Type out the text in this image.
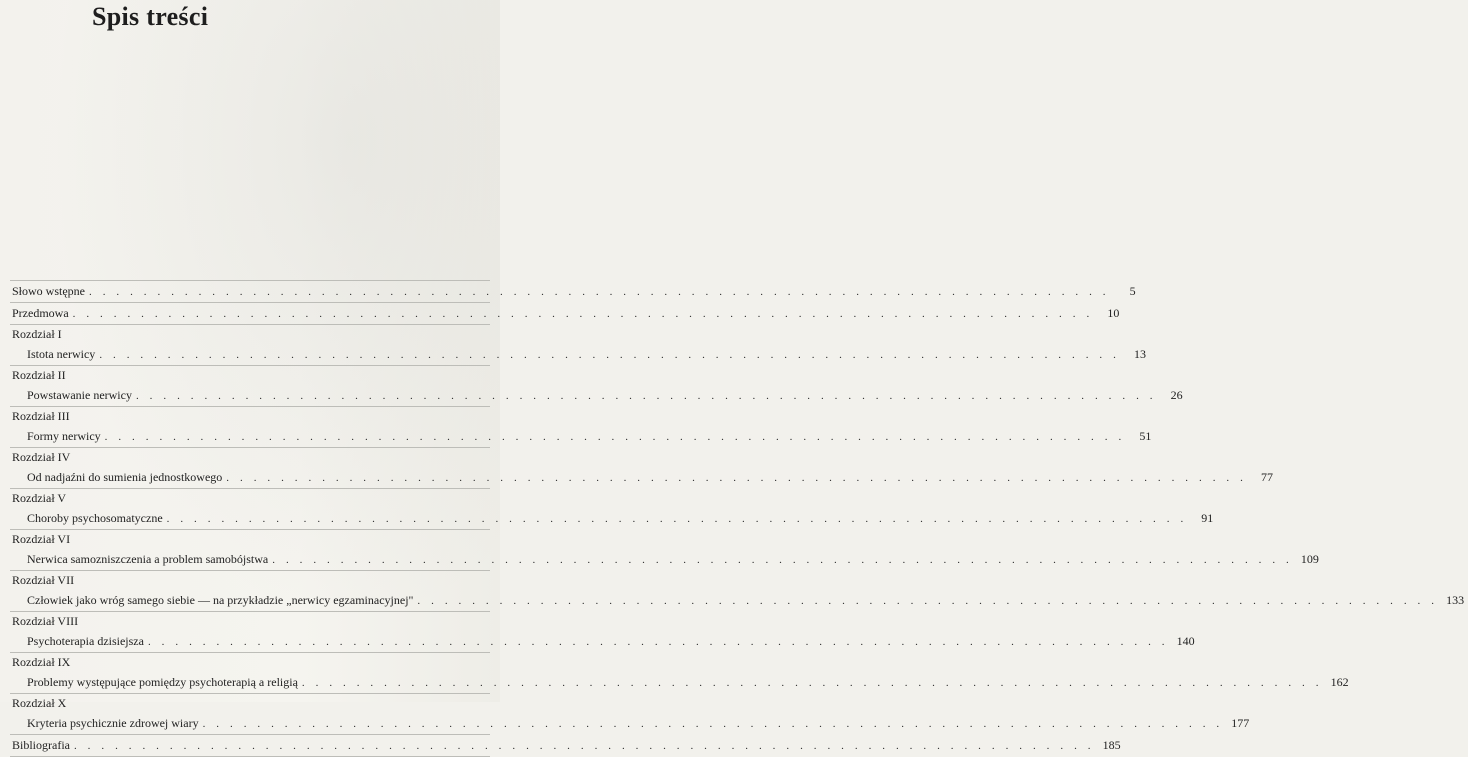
Spis treści
Słowo wstępne . . . . . . . . . . . . . . . . . . . . . . . . . . . . . . . . . . . . . . . . . . . . . . . . . . . . . . . . . . . . . . . . . . . . . . . . . . .	5
Przedmowa . . . . . . . . . . . . . . . . . . . . . . . . . . . . . . . . . . . . . . . . . . . . . . . . . . . . . . . . . . . . . . . . . . . . . . . . . . .	10
Rozdział I
Istota nerwicy . . . . . . . . . . . . . . . . . . . . . . . . . . . . . . . . . . . . . . . . . . . . . . . . . . . . . . . . . . . . . . . . . . . . . . . . . . .	13
Rozdział II
Powstawanie nerwicy . . . . . . . . . . . . . . . . . . . . . . . . . . . . . . . . . . . . . . . . . . . . . . . . . . . . . . . . . . . . . . . . . . . . . . . . . . .	26
Rozdział III
Formy nerwicy . . . . . . . . . . . . . . . . . . . . . . . . . . . . . . . . . . . . . . . . . . . . . . . . . . . . . . . . . . . . . . . . . . . . . . . . . . .	51
Rozdział IV
Od nadjaźni do sumienia jednostkowego . . . . . . . . . . . . . . . . . . . . . . . . . . . . . . . . . . . . . . . . . . . . . . . . . . . . . . . . . . . . . . . . . . . . . . . . . . .	77
Rozdział V
Choroby psychosomatyczne . . . . . . . . . . . . . . . . . . . . . . . . . . . . . . . . . . . . . . . . . . . . . . . . . . . . . . . . . . . . . . . . . . . . . . . . . . .	91
Rozdział VI
Nerwica samozniszczenia a problem samobójstwa . . . . . . . . . . . . . . . . . . . . . . . . . . . . . . . . . . . . . . . . . . . . . . . . . . . . . . . . . . . . . . . . . . . . . . . . . . . 109
Rozdział VII
Człowiek jako wróg samego siebie — na przykładzie „nerwicy egzaminacyjnej" . . . . . . . . . . . . . . . . . . . . . . . . . . . . . . . . . . . . . . . . . . . . . . . . . . . . . . . . . . . . . . . . . . . . . . . . . . . 133
Rozdział VIII
Psychoterapia dzisiejsza . . . . . . . . . . . . . . . . . . . . . . . . . . . . . . . . . . . . . . . . . . . . . . . . . . . . . . . . . . . . . . . . . . . . . . . . . . . 140
Rozdział IX
Problemy występujące pomiędzy psychoterapią a religią . . . . . . . . . . . . . . . . . . . . . . . . . . . . . . . . . . . . . . . . . . . . . . . . . . . . . . . . . . . . . . . . . . . . . . . . . . . 162
Rozdział X
Kryteria psychicznie zdrowej wiary . . . . . . . . . . . . . . . . . . . . . . . . . . . . . . . . . . . . . . . . . . . . . . . . . . . . . . . . . . . . . . . . . . . . . . . . . . . 177
Bibliografia . . . . . . . . . . . . . . . . . . . . . . . . . . . . . . . . . . . . . . . . . . . . . . . . . . . . . . . . . . . . . . . . . . . . . . . . . . . 185
